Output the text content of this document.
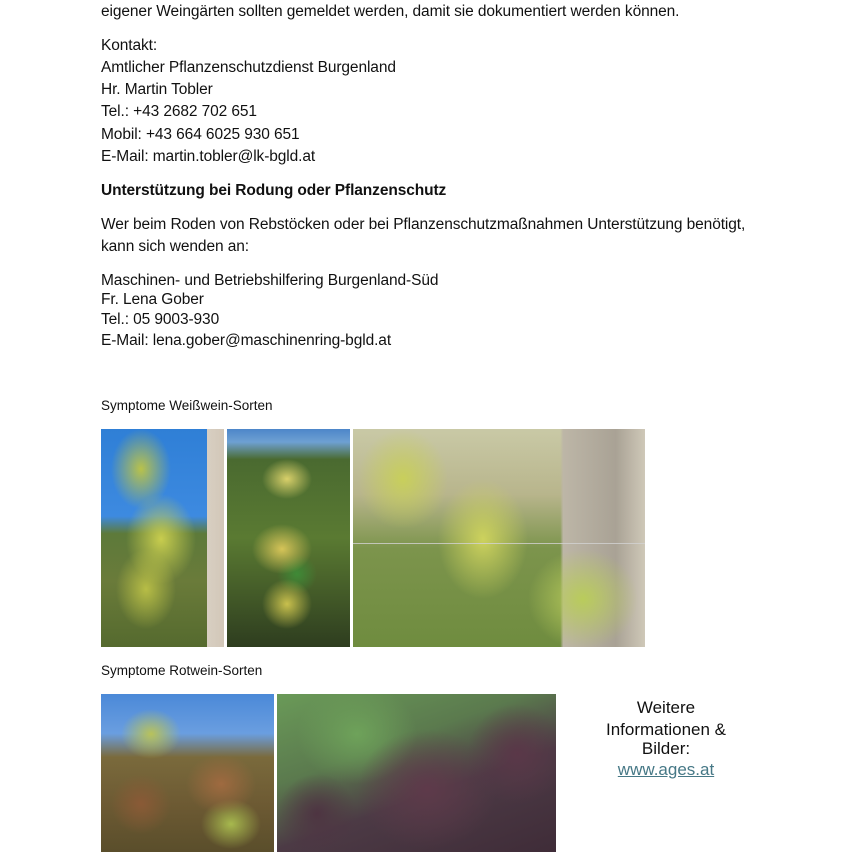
eigener Weingärten sollten gemeldet werden, damit sie dokumentiert werden können.

Kontakt:

Amtlicher Pflanzenschutzdienst Burgenland

Hr. Martin Tobler

Tel.: +43 2682 702 651

Mobil: +43 664 6025 930 651

E-Mail: martin.tobler@lk-bgld.at

Unterstützung bei Rodung oder Pflanzenschutz

Wer beim Roden von Rebstöcken oder bei Pflanzenschutzmaßnahmen Unterstützung benötigt,

kann sich wenden an:

Maschinen- und Betriebshilfering Burgenland-Süd

Fr. Lena Gober

Tel.: 05 9003-930

E-Mail: lena.gober@maschinenring-bgld.at

Symptome Weißwein-Sorten

Symptome Rotwein-Sorten

Weitere
Informationen &
Bilder:
www.ages.at
